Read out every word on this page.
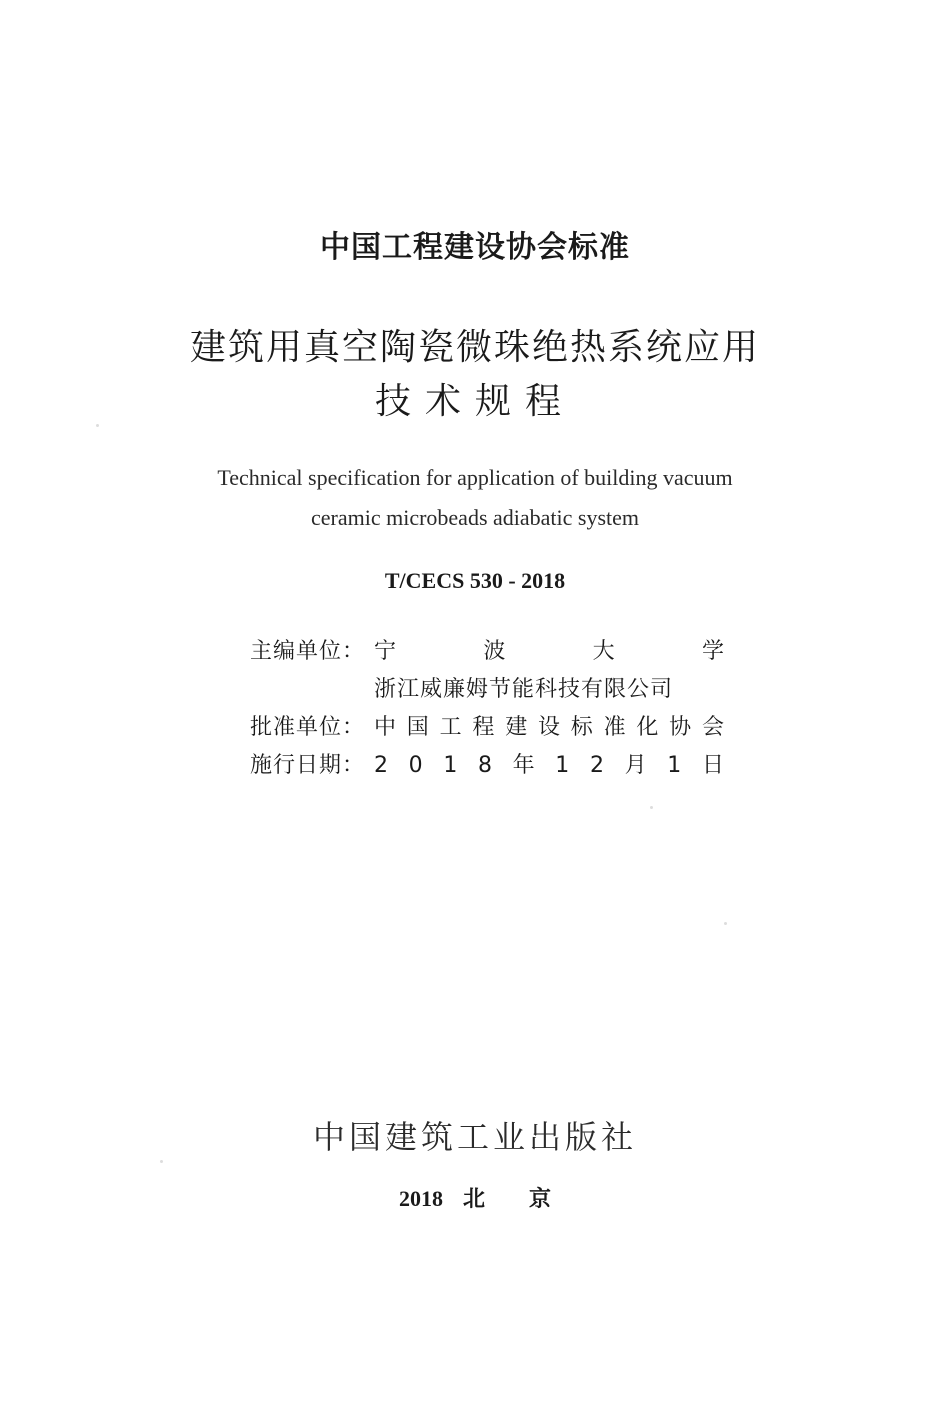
中国工程建设协会标准
建筑用真空陶瓷微珠绝热系统应用
技术规程
Technical specification for application of building vacuum
ceramic microbeads adiabatic system
T/CECS 530 - 2018
主编单位： 宁	波	大	学
浙江威廉姆节能科技有限公司
批准单位： 中 国 工 程 建 设 标 准 化 协 会
施行日期： 2 0 1 8 年 1 2 月 1 日
中国建筑工业出版社
2018 北 京
